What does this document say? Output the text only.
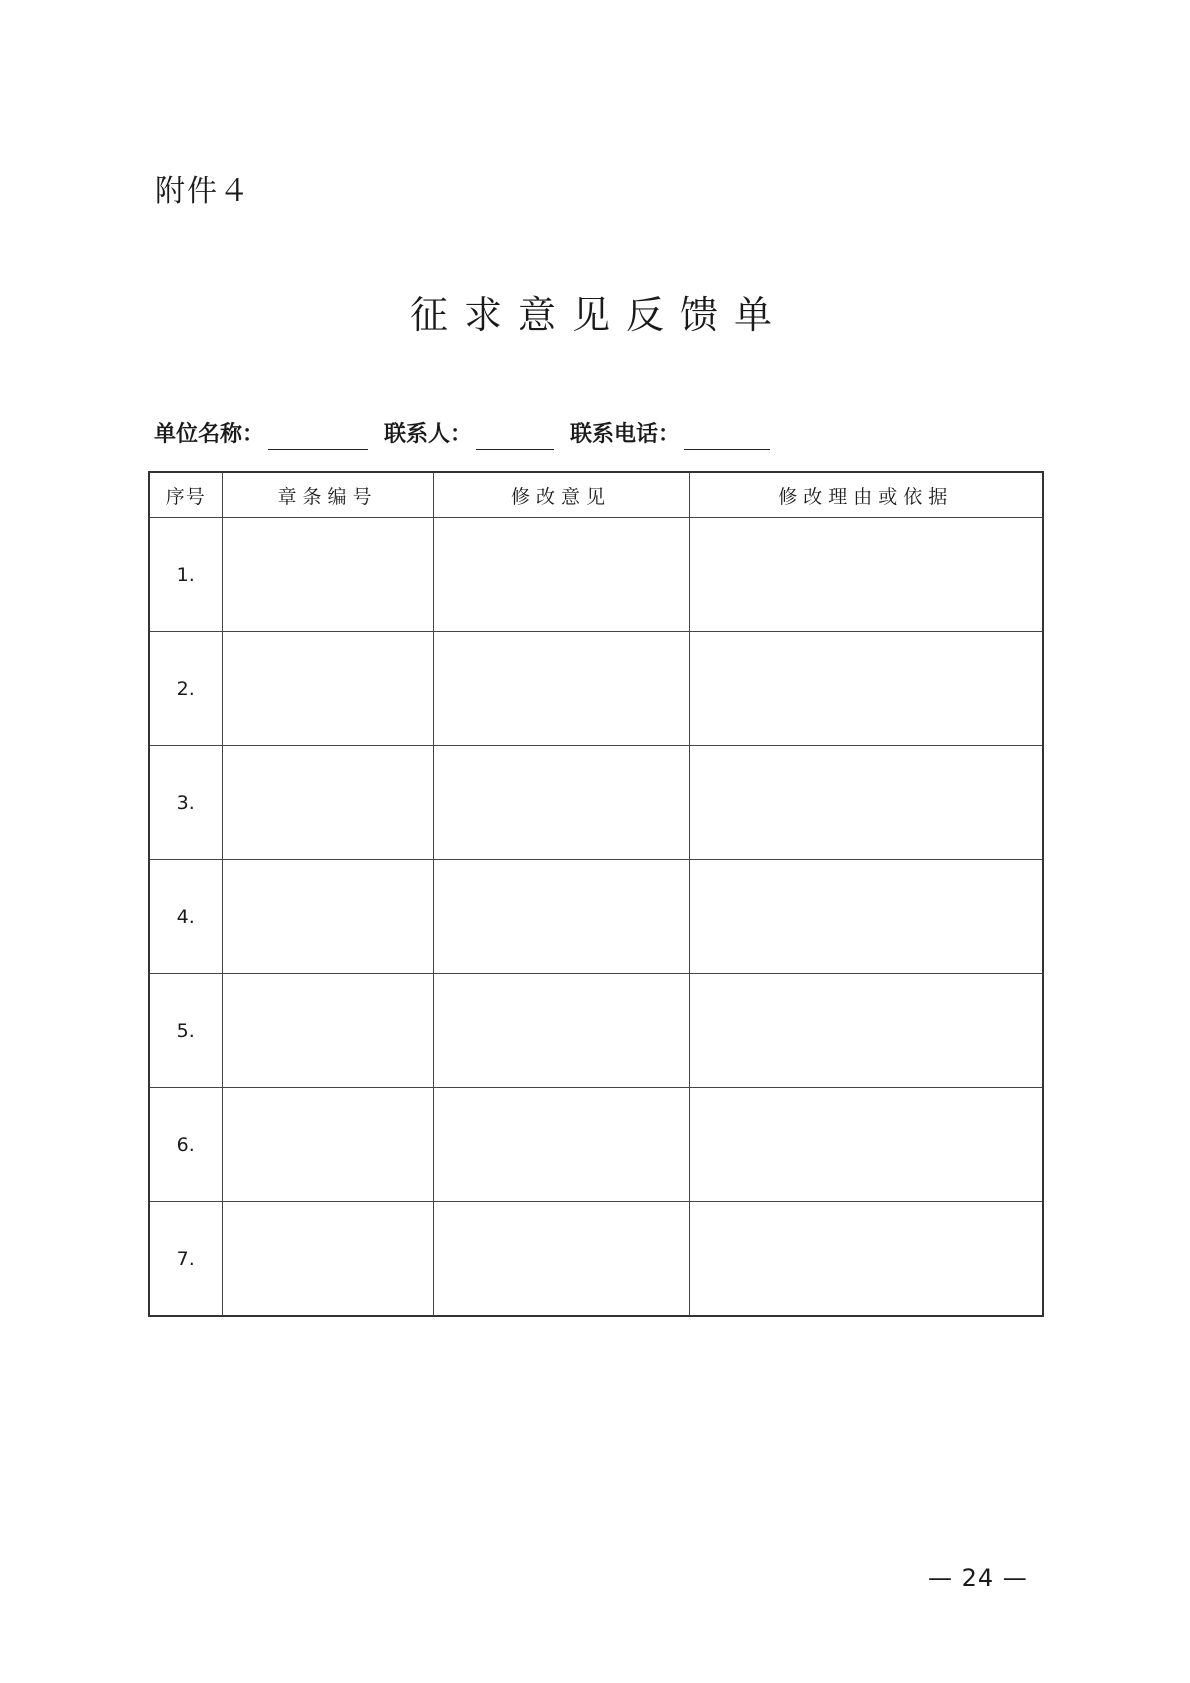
附件４
征求意见反馈单
单位名称：	联系人：	联系电话：
序号	章条编号	修改意见	修改理由或依据
1.			
2.			
3.			
4.			
5.			
6.			
7.			
— 24 —
